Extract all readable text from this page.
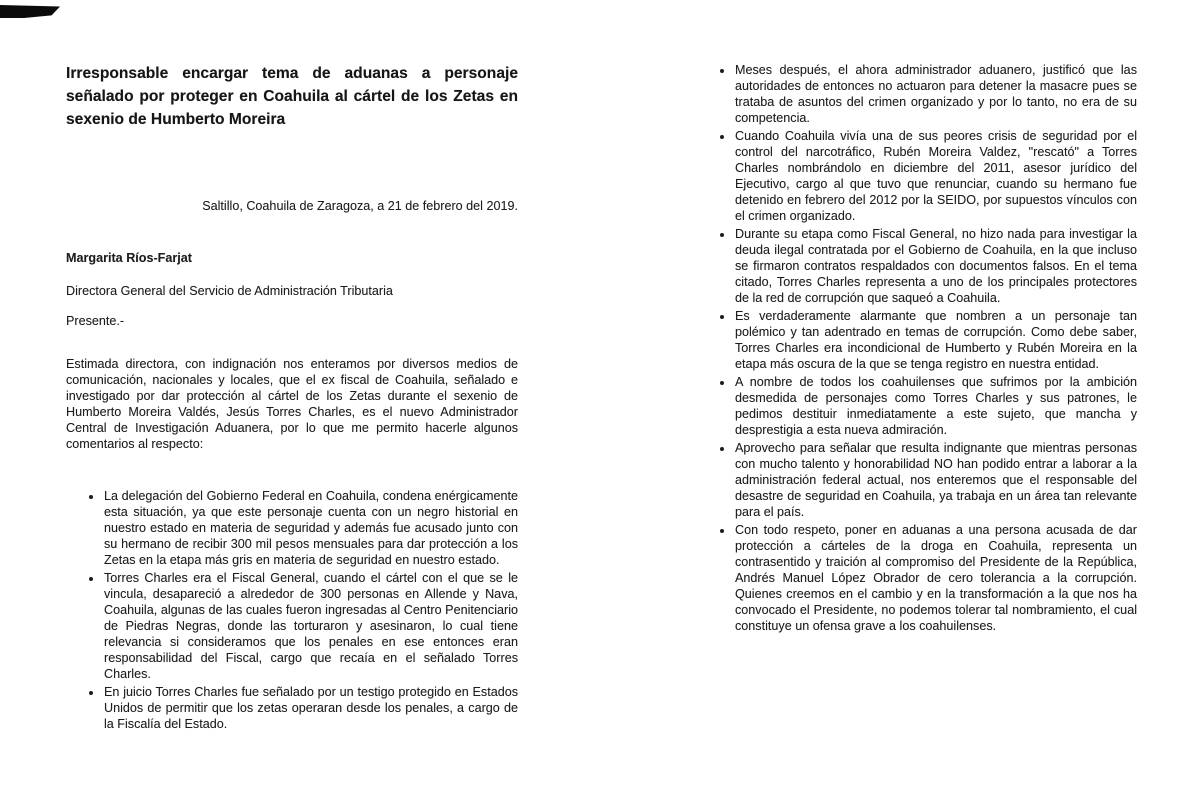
Irresponsable encargar tema de aduanas a personaje señalado por proteger en Coahuila al cártel de los Zetas en sexenio de Humberto Moreira

Saltillo, Coahuila de Zaragoza, a 21 de febrero del 2019.

Margarita Ríos-Farjat

Directora General del Servicio de Administración Tributaria

Presente.-

Estimada directora, con indignación nos enteramos por diversos medios de comunicación, nacionales y locales, que el ex fiscal de Coahuila, señalado e investigado por dar protección al cártel de los Zetas durante el sexenio de Humberto Moreira Valdés, Jesús Torres Charles, es el nuevo Administrador Central de Investigación Aduanera, por lo que me permito hacerle algunos comentarios al respecto:

• La delegación del Gobierno Federal en Coahuila, condena enérgicamente esta situación, ya que este personaje cuenta con un negro historial en nuestro estado en materia de seguridad y además fue acusado junto con su hermano de recibir 300 mil pesos mensuales para dar protección a los Zetas en la etapa más gris en materia de seguridad en nuestro estado.
• Torres Charles era el Fiscal General, cuando el cártel con el que se le vincula, desapareció a alrededor de 300 personas en Allende y Nava, Coahuila, algunas de las cuales fueron ingresadas al Centro Penitenciario de Piedras Negras, donde las torturaron y asesinaron, lo cual tiene relevancia si consideramos que los penales en ese entonces eran responsabilidad del Fiscal, cargo que recaía en el señalado Torres Charles.
• En juicio Torres Charles fue señalado por un testigo protegido en Estados Unidos de permitir que los zetas operaran desde los penales, a cargo de la Fiscalía del Estado.
• Meses después, el ahora administrador aduanero, justificó que las autoridades de entonces no actuaron para detener la masacre pues se trataba de asuntos del crimen organizado y por lo tanto, no era de su competencia.
• Cuando Coahuila vivía una de sus peores crisis de seguridad por el control del narcotráfico, Rubén Moreira Valdez, "rescató" a Torres Charles nombrándolo en diciembre del 2011, asesor jurídico del Ejecutivo, cargo al que tuvo que renunciar, cuando su hermano fue detenido en febrero del 2012 por la SEIDO, por supuestos vínculos con el crimen organizado.
• Durante su etapa como Fiscal General, no hizo nada para investigar la deuda ilegal contratada por el Gobierno de Coahuila, en la que incluso se firmaron contratos respaldados con documentos falsos. En el tema citado, Torres Charles representa a uno de los principales protectores de la red de corrupción que saqueó a Coahuila.
• Es verdaderamente alarmante que nombren a un personaje tan polémico y tan adentrado en temas de corrupción. Como debe saber, Torres Charles era incondicional de Humberto y Rubén Moreira en la etapa más oscura de la que se tenga registro en nuestra entidad.
• A nombre de todos los coahuilenses que sufrimos por la ambición desmedida de personajes como Torres Charles y sus patrones, le pedimos destituir inmediatamente a este sujeto, que mancha y desprestigia a esta nueva admiración.
• Aprovecho para señalar que resulta indignante que mientras personas con mucho talento y honorabilidad NO han podido entrar a laborar a la administración federal actual, nos enteremos que el responsable del desastre de seguridad en Coahuila, ya trabaja en un área tan relevante para el país.
• Con todo respeto, poner en aduanas a una persona acusada de dar protección a cárteles de la droga en Coahuila, representa un contrasentido y traición al compromiso del Presidente de la República, Andrés Manuel López Obrador de cero tolerancia a la corrupción. Quienes creemos en el cambio y en la transformación a la que nos ha convocado el Presidente, no podemos tolerar tal nombramiento, el cual constituye un ofensa grave a los coahuilenses.
